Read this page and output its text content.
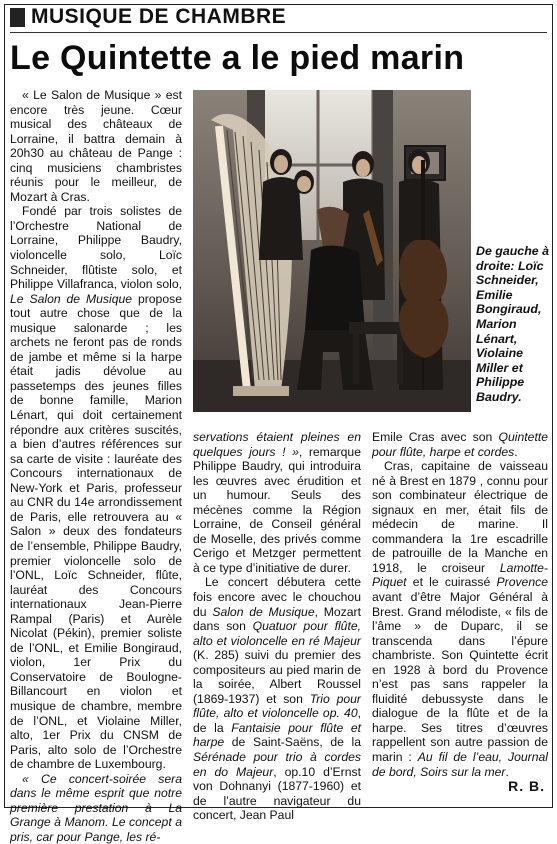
MUSIQUE DE CHAMBRE
Le Quintette a le pied marin

« Le Salon de Musique » est encore très jeune. Cœur musical des châteaux de Lorraine, il battra demain à 20h30 au château de Pange : cinq musiciens chambristes réunis pour le meilleur, de Mozart à Cras.

Fondé par trois solistes de l’Orchestre National de Lorraine, Philippe Baudry, violoncelle solo, Loïc Schneider, flûtiste solo, et Philippe Villafranca, violon solo, Le Salon de Musique propose tout autre chose que de la musique salonarde ; les archets ne feront pas de ronds de jambe et même si la harpe était jadis dévolue au passetemps des jeunes filles de bonne famille, Marion Lénart, qui doit certainement répondre aux critères suscités, a bien d’autres références sur sa carte de visite : lauréate des Concours internationaux de New-York et Paris, professeur au CNR du 14e arrondissement de Paris, elle retrouvera au « Salon » deux des fondateurs de l’ensemble, Philippe Baudry, premier violoncelle solo de l’ONL, Loïc Schneider, flûte, lauréat des Concours internationaux Jean-Pierre Rampal (Paris) et Aurèle Nicolat (Pékin), premier soliste de l’ONL, et Emilie Bongiraud, violon, 1er Prix du Conservatoire de Boulogne-Billancourt en violon et musique de chambre, membre de l’ONL, et Violaine Miller, alto, 1er Prix du CNSM de Paris, alto solo de l’Orchestre de chambre de Luxembourg.

« Ce concert-soirée sera dans le même esprit que notre première prestation à La Grange à Manom. Le concept a pris, car pour Pange, les ré-

De gauche à droite: Loïc Schneider, Emilie Bongiraud, Marion Lénart, Violaine Miller et Philippe Baudry.

servations étaient pleines en quelques jours ! », remarque Philippe Baudry, qui introduira les œuvres avec érudition et un humour. Seuls des mécènes comme la Région Lorraine, de Conseil général de Moselle, des privés comme Cerigo et Metzger permettent à ce type d’initiative de durer.

Le concert débutera cette fois encore avec le chouchou du Salon de Musique, Mozart dans son Quatuor pour flûte, alto et violoncelle en ré Majeur (K. 285) suivi du premier des compositeurs au pied marin de la soirée, Albert Roussel (1869-1937) et son Trio pour flûte, alto et violoncelle op. 40, de la Fantaisie pour flûte et harpe de Saint-Saëns, de la Sérénade pour trio à cordes en do Majeur, op.10 d’Ernst von Dohnanyi (1877-1960) et de l’autre navigateur du concert, Jean Paul

Emile Cras avec son Quintette pour flûte, harpe et cordes.

Cras, capitaine de vaisseau né à Brest en 1879 , connu pour son combinateur électrique de signaux en mer, était fils de médecin de marine. Il commandera la 1re escadrille de patrouille de la Manche en 1918, le croiseur Lamotte-Piquet et le cuirassé Provence avant d’être Major Général à Brest. Grand mélodiste, « fils de l’âme » de Duparc, il se transcenda dans l’épure chambriste. Son Quintette écrit en 1928 à bord du Provence n’est pas sans rappeler la fluidité debussyste dans le dialogue de la flûte et de la harpe. Ses titres d’œuvres rappellent son autre passion de marin : Au fil de l’eau, Journal de bord, Soirs sur la mer.

R. B.
